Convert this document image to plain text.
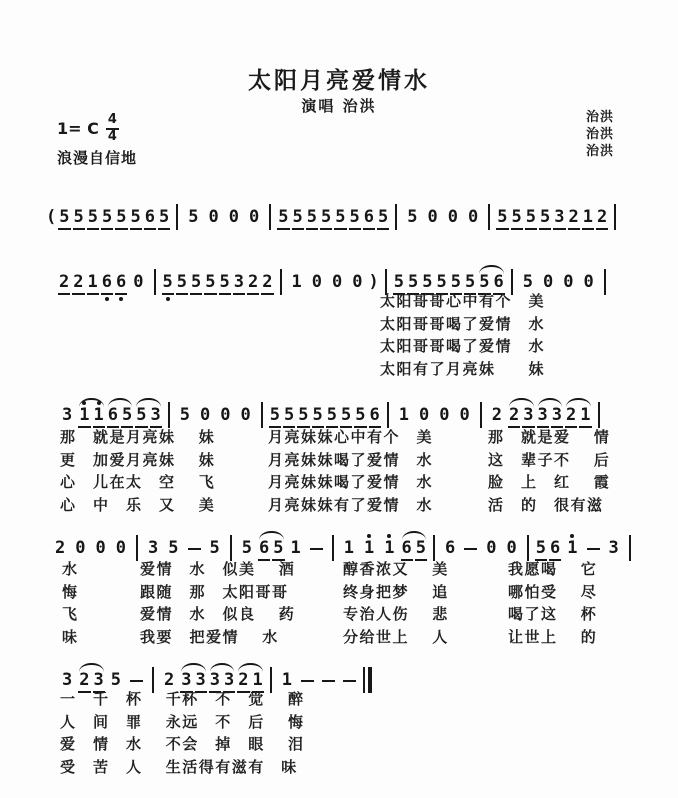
太阳月亮爱情水
演唱 治洪
1= C $\frac{4}{4}$
浪漫自信地
治洪
治洪
治洪
( 5 5 5 5 5 5 6 5 5 0 0 0 5 5 5 5 5 5 6 5 5 0 0 0 5 5 5 5 3 2 1 2
2 2 1 6 6 0 5 5 5 5 5 3 2 2 1 0 0 0 ) 5 5 5 5 5 5 5 6 5 0 0 0
太阳哥哥心中有个　美
太阳哥哥喝了爱情　水
太阳哥哥喝了爱情　水
太阳有了月亮妹　　妹
3 1 1 6 5 5 3 5 0 0 0 5 5 5 5 5 5 5 6 1 0 0 0 2 2 3 3 3 2 1
那　就是月亮妹　 妹
更　加爱月亮妹　 妹
心　儿在太　空　 飞
心　中　乐　又　 美
月亮妹妹心中有个　美
月亮妹妹喝了爱情　水
月亮妹妹喝了爱情　水
月亮妹妹有了爱情　水
那　就是爱　 情
这　辈子不　 后
脸　上　红　 霞
活　的　很有滋
2 0 0 0 3 5 5 5 6 5 1	1 1 1 6 5 6 0 0 5 6 1 3
水
悔
飞
味
爱情　水　似美　 酒
跟随　那　太阳哥哥
爱情　水　似良　 药
我要　把爱情　 水
醇香浓又　 美
终身把梦　 追
专治人伤　 悲
分给世上　 人
我愿喝　 它
哪怕受　 尽
喝了这　 杯
让世上　 的
3 2 3 5	2 3 3 3 3 2 1 1
一　千　杯　 千杯　不　觉　 醉
人　间　罪　 永远　不　后　 悔
爱　情　水　 不会　掉　眼　 泪
受　苦　人　 生活得有滋有　味
